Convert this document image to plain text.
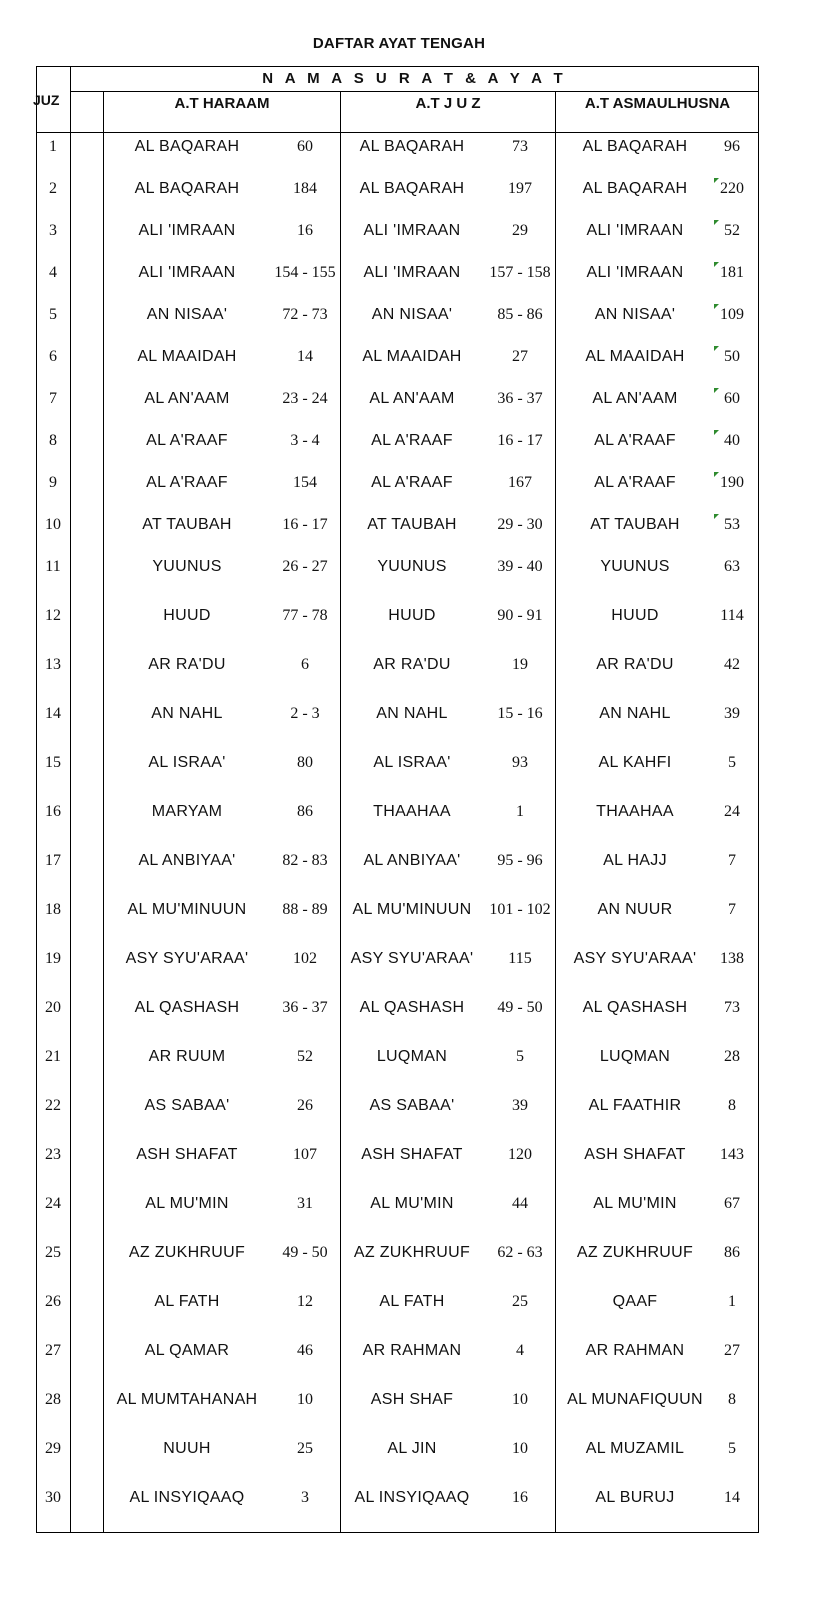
DAFTAR AYAT TENGAH
N A M A S U R A T & A Y A T
JUZ	A.T HARAAM	A.T J U Z	A.T ASMAULHUSNA
1	AL BAQARAH	60	AL BAQARAH	73	AL BAQARAH	96
2	AL BAQARAH	184	AL BAQARAH	197	AL BAQARAH	220
3	ALI 'IMRAAN	16	ALI 'IMRAAN	29	ALI 'IMRAAN	52
4	ALI 'IMRAAN	154 - 155	ALI 'IMRAAN	157 - 158	ALI 'IMRAAN	181
5	AN NISAA'	72 - 73	AN NISAA'	85 - 86	AN NISAA'	109
6	AL MAAIDAH	14	AL MAAIDAH	27	AL MAAIDAH	50
7	AL AN'AAM	23 - 24	AL AN'AAM	36 - 37	AL AN'AAM	60
8	AL A'RAAF	3 - 4	AL A'RAAF	16 - 17	AL A'RAAF	40
9	AL A'RAAF	154	AL A'RAAF	167	AL A'RAAF	190
10	AT TAUBAH	16 - 17	AT TAUBAH	29 - 30	AT TAUBAH	53
11	YUUNUS	26 - 27	YUUNUS	39 - 40	YUUNUS	63
12	HUUD	77 - 78	HUUD	90 - 91	HUUD	114
13	AR RA'DU	6	AR RA'DU	19	AR RA'DU	42
14	AN NAHL	2 - 3	AN NAHL	15 - 16	AN NAHL	39
15	AL ISRAA'	80	AL ISRAA'	93	AL KAHFI	5
16	MARYAM	86	THAAHAA	1	THAAHAA	24
17	AL ANBIYAA'	82 - 83	AL ANBIYAA'	95 - 96	AL HAJJ	7
18	AL MU'MINUUN	88 - 89	AL MU'MINUUN	101 - 102	AN NUUR	7
19	ASY SYU'ARAA'	102	ASY SYU'ARAA'	115	ASY SYU'ARAA'	138
20	AL QASHASH	36 - 37	AL QASHASH	49 - 50	AL QASHASH	73
21	AR RUUM	52	LUQMAN	5	LUQMAN	28
22	AS SABAA'	26	AS SABAA'	39	AL FAATHIR	8
23	ASH SHAFAT	107	ASH SHAFAT	120	ASH SHAFAT	143
24	AL MU'MIN	31	AL MU'MIN	44	AL MU'MIN	67
25	AZ ZUKHRUUF	49 - 50	AZ ZUKHRUUF	62 - 63	AZ ZUKHRUUF	86
26	AL FATH	12	AL FATH	25	QAAF	1
27	AL QAMAR	46	AR RAHMAN	4	AR RAHMAN	27
28	AL MUMTAHANAH	10	ASH SHAF	10	AL MUNAFIQUUN	8
29	NUUH	25	AL JIN	10	AL MUZAMIL	5
30	AL INSYIQAAQ	3	AL INSYIQAAQ	16	AL BURUJ	14
